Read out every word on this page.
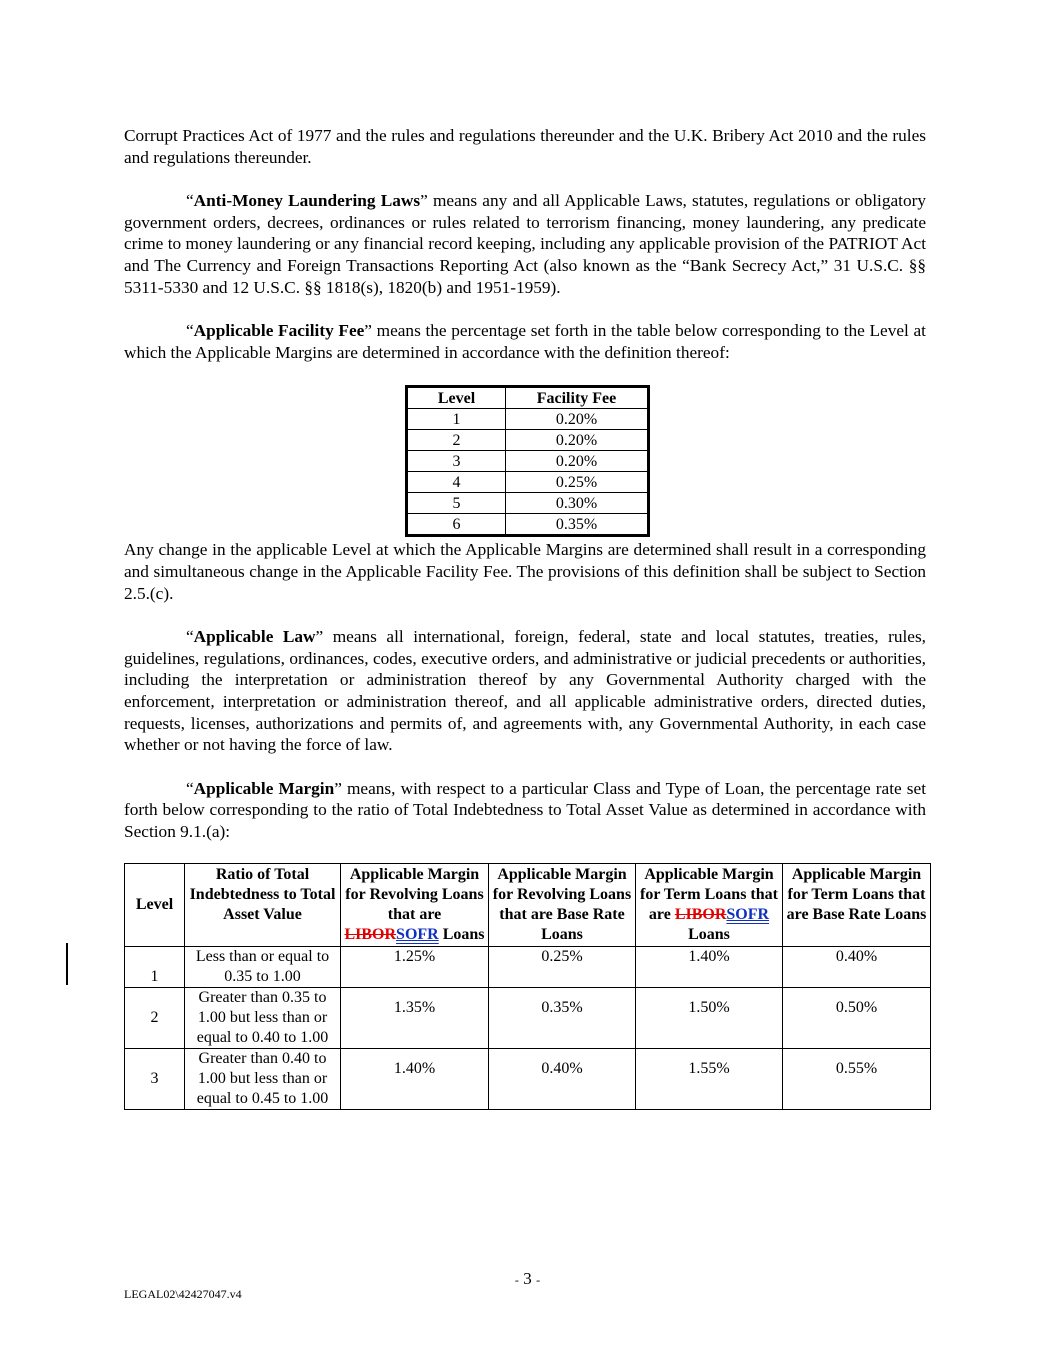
Corrupt Practices Act of 1977 and the rules and regulations thereunder and the U.K. Bribery Act 2010 and the rules and regulations thereunder.

“Anti-Money Laundering Laws” means any and all Applicable Laws, statutes, regulations or obligatory government orders, decrees, ordinances or rules related to terrorism financing, money laundering, any predicate crime to money laundering or any financial record keeping, including any applicable provision of the PATRIOT Act and The Currency and Foreign Transactions Reporting Act (also known as the “Bank Secrecy Act,” 31 U.S.C. §§ 5311-5330 and 12 U.S.C. §§ 1818(s), 1820(b) and 1951-1959).

“Applicable Facility Fee” means the percentage set forth in the table below corresponding to the Level at which the Applicable Margins are determined in accordance with the definition thereof:

Level	Facility Fee
1	0.20%
2	0.20%
3	0.20%
4	0.25%
5	0.30%
6	0.35%

Any change in the applicable Level at which the Applicable Margins are determined shall result in a corresponding and simultaneous change in the Applicable Facility Fee. The provisions of this definition shall be subject to Section 2.5.(c).

“Applicable Law” means all international, foreign, federal, state and local statutes, treaties, rules, guidelines, regulations, ordinances, codes, executive orders, and administrative or judicial precedents or authorities, including the interpretation or administration thereof by any Governmental Authority charged with the enforcement, interpretation or administration thereof, and all applicable administrative orders, directed duties, requests, licenses, authorizations and permits of, and agreements with, any Governmental Authority, in each case whether or not having the force of law.

“Applicable Margin” means, with respect to a particular Class and Type of Loan, the percentage rate set forth below corresponding to the ratio of Total Indebtedness to Total Asset Value as determined in accordance with Section 9.1.(a):

Level	Ratio of Total Indebtedness to Total Asset Value	Applicable Margin for Revolving Loans that are LIBORSOFR Loans	Applicable Margin for Revolving Loans that are Base Rate Loans	Applicable Margin for Term Loans that are LIBORSOFR Loans	Applicable Margin for Term Loans that are Base Rate Loans
1	Less than or equal to 0.35 to 1.00	1.25%	0.25%	1.40%	0.40%
2	Greater than 0.35 to 1.00 but less than or equal to 0.40 to 1.00	1.35%	0.35%	1.50%	0.50%
3	Greater than 0.40 to 1.00 but less than or equal to 0.45 to 1.00	1.40%	0.40%	1.55%	0.55%
- 3 -
LEGAL02\42427047.v4
